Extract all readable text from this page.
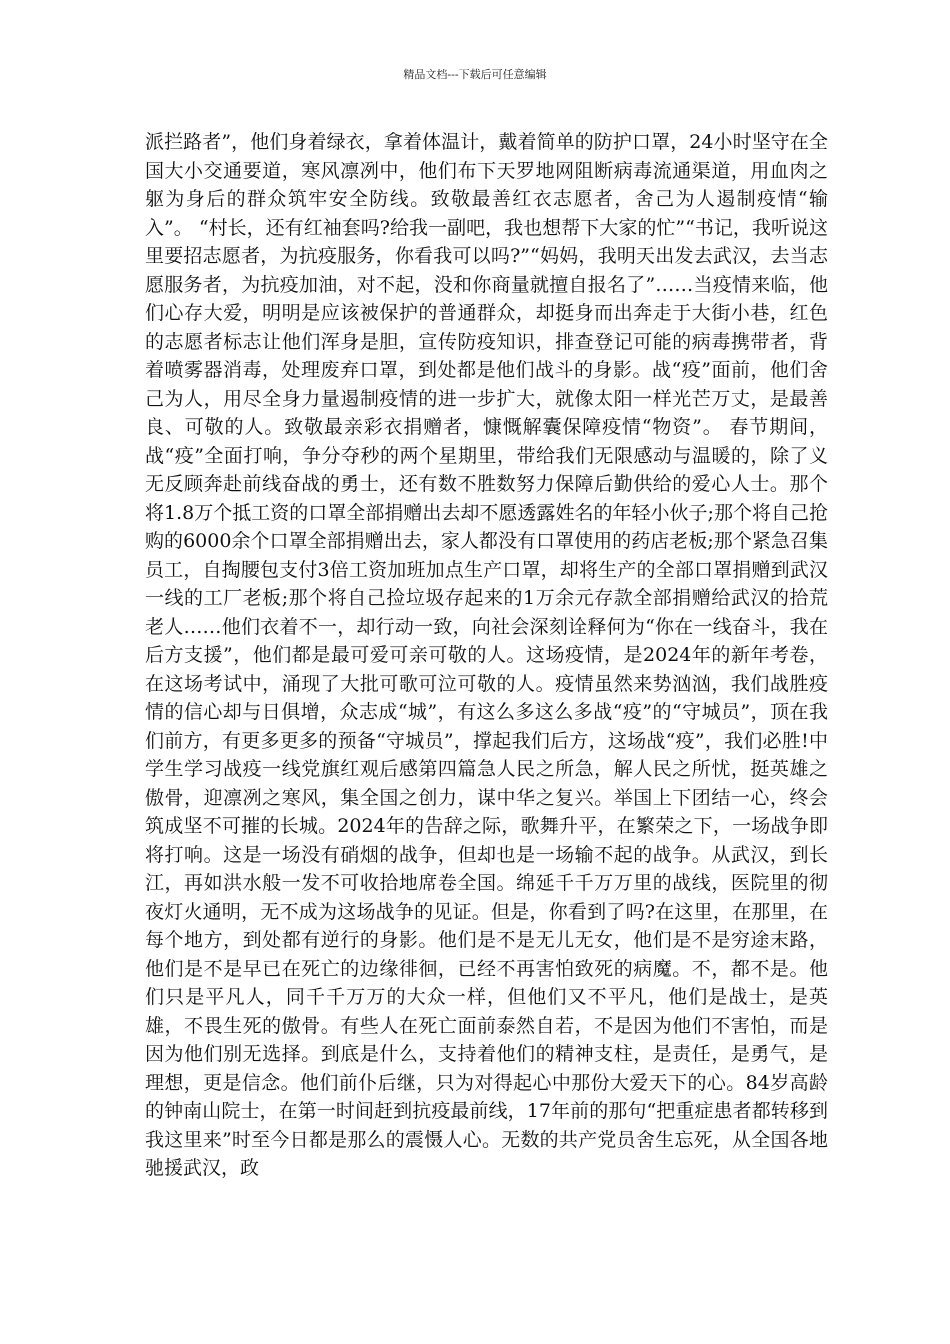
精品文档---下载后可任意编辑

派拦路者”，他们身着绿衣，拿着体温计，戴着简单的防护口罩，24小时坚守在全国大小交通要道，寒风凛冽中，他们布下天罗地网阻断病毒流通渠道，用血肉之躯为身后的群众筑牢安全防线。致敬最善红衣志愿者，舍己为人遏制疫情“输入”。 “村长，还有红袖套吗?给我一副吧，我也想帮下大家的忙”“书记，我听说这里要招志愿者，为抗疫服务，你看我可以吗?”“妈妈，我明天出发去武汉，去当志愿服务者，为抗疫加油，对不起，没和你商量就擅自报名了”……当疫情来临，他们心存大爱，明明是应该被保护的普通群众，却挺身而出奔走于大街小巷，红色的志愿者标志让他们浑身是胆，宣传防疫知识，排查登记可能的病毒携带者，背着喷雾器消毒，处理废弃口罩，到处都是他们战斗的身影。战“疫”面前，他们舍己为人，用尽全身力量遏制疫情的进一步扩大，就像太阳一样光芒万丈，是最善良、可敬的人。致敬最亲彩衣捐赠者，慷慨解囊保障疫情“物资”。 春节期间，战“疫”全面打响，争分夺秒的两个星期里，带给我们无限感动与温暖的，除了义无反顾奔赴前线奋战的勇士，还有数不胜数努力保障后勤供给的爱心人士。那个将1.8万个抵工资的口罩全部捐赠出去却不愿透露姓名的年轻小伙子;那个将自己抢购的6000余个口罩全部捐赠出去，家人都没有口罩使用的药店老板;那个紧急召集员工，自掏腰包支付3倍工资加班加点生产口罩，却将生产的全部口罩捐赠到武汉一线的工厂老板;那个将自己捡垃圾存起来的1万余元存款全部捐赠给武汉的拾荒老人……他们衣着不一，却行动一致，向社会深刻诠释何为“你在一线奋斗，我在后方支援”，他们都是最可爱可亲可敬的人。这场疫情，是2024年的新年考卷，在这场考试中，涌现了大批可歌可泣可敬的人。疫情虽然来势汹汹，我们战胜疫情的信心却与日俱增，众志成“城”，有这么多这么多战“疫”的“守城员”，顶在我们前方，有更多更多的预备“守城员”，撑起我们后方，这场战“疫”，我们必胜!中学生学习战疫一线党旗红观后感第四篇急人民之所急，解人民之所忧，挺英雄之傲骨，迎凛冽之寒风，集全国之创力，谋中华之复兴。举国上下团结一心，终会筑成坚不可摧的长城。2024年的告辞之际，歌舞升平，在繁荣之下，一场战争即将打响。这是一场没有硝烟的战争，但却也是一场输不起的战争。从武汉，到长江，再如洪水般一发不可收拾地席卷全国。绵延千千万万里的战线，医院里的彻夜灯火通明，无不成为这场战争的见证。但是，你看到了吗?在这里，在那里，在每个地方，到处都有逆行的身影。他们是不是无儿无女，他们是不是穷途末路，他们是不是早已在死亡的边缘徘徊，已经不再害怕致死的病魔。不，都不是。他们只是平凡人，同千千万万的大众一样，但他们又不平凡，他们是战士，是英雄，不畏生死的傲骨。有些人在死亡面前泰然自若，不是因为他们不害怕，而是因为他们别无选择。到底是什么，支持着他们的精神支柱，是责任，是勇气，是理想，更是信念。他们前仆后继，只为对得起心中那份大爱天下的心。84岁高龄的钟南山院士，在第一时间赶到抗疫最前线，17年前的那句“把重症患者都转移到我这里来”时至今日都是那么的震慑人心。无数的共产党员舍生忘死，从全国各地驰援武汉，政
